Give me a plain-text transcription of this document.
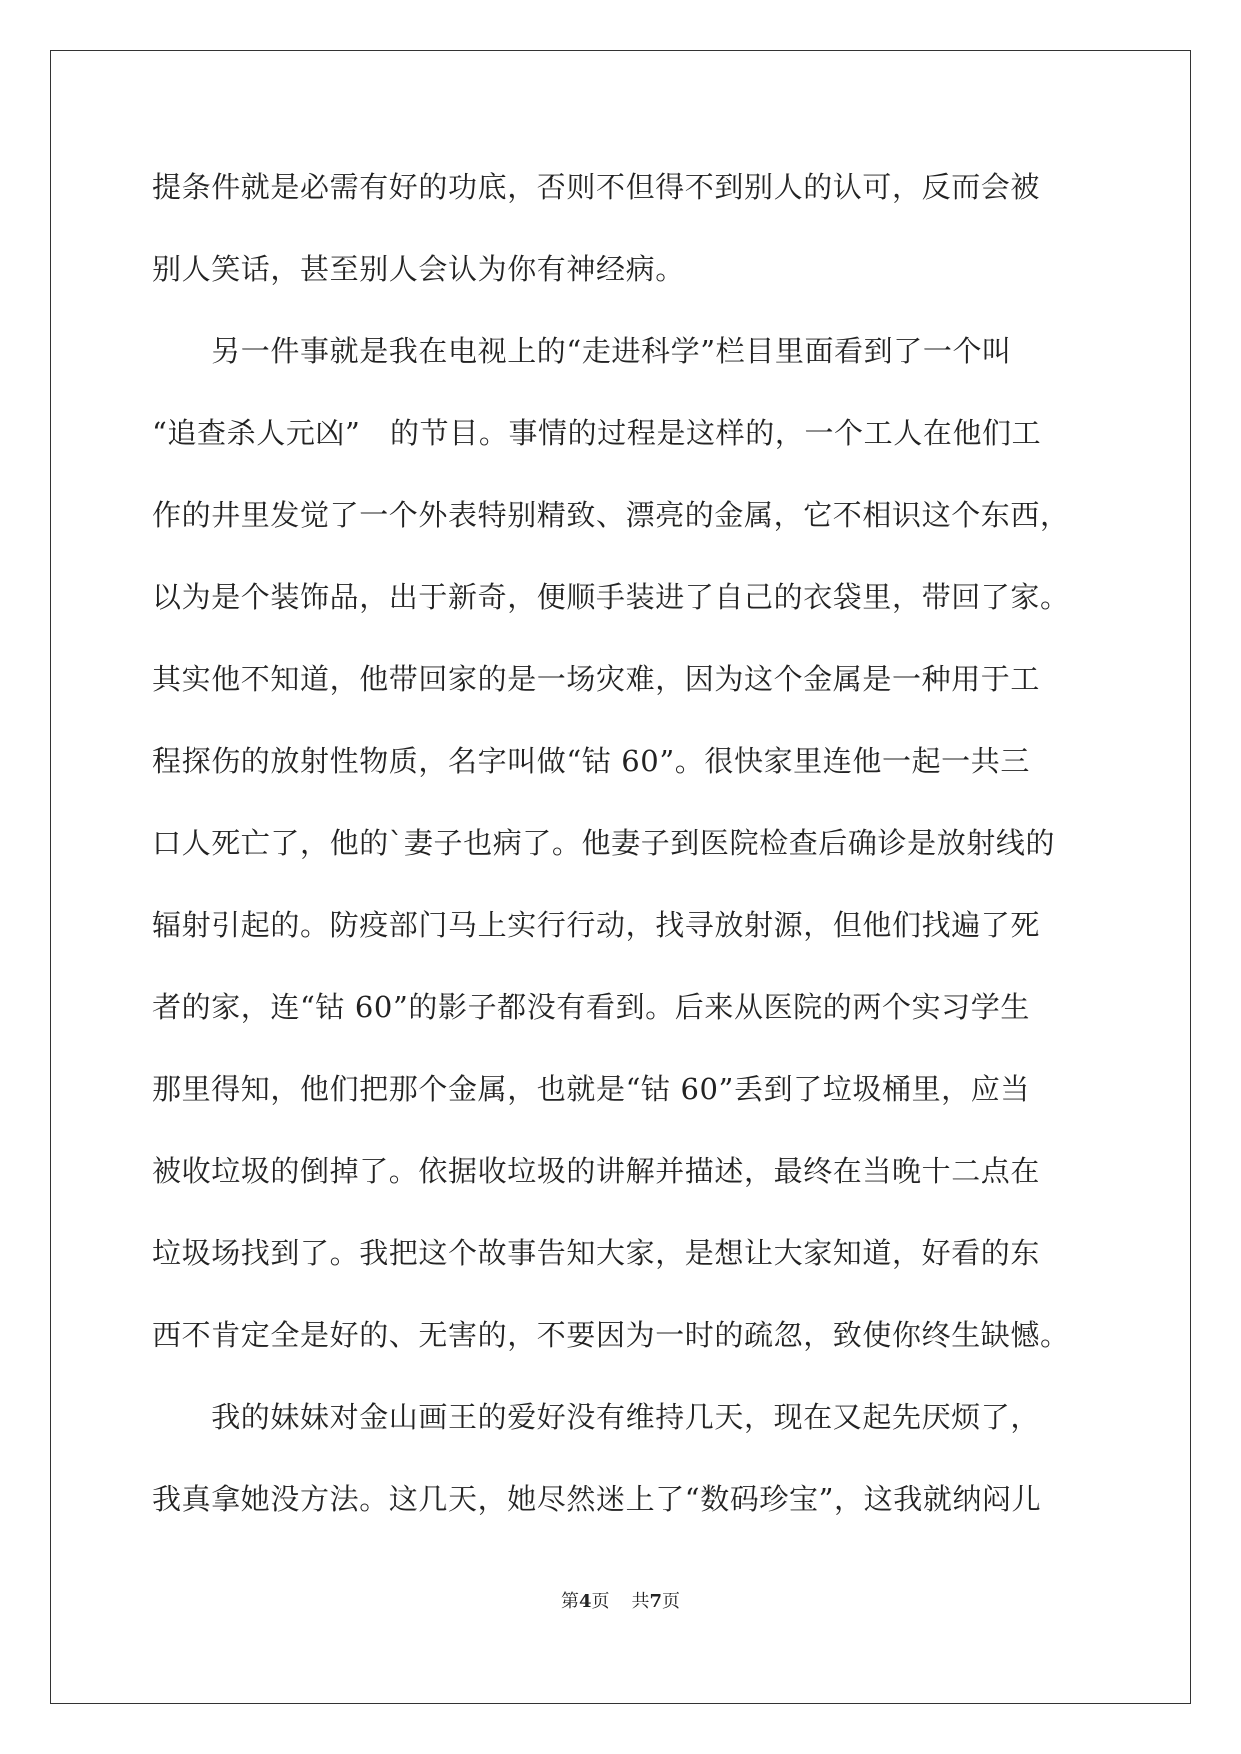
提条件就是必需有好的功底，否则不但得不到别人的认可，反而会被
别人笑话，甚至别人会认为你有神经病。
　　另一件事就是我在电视上的“走进科学”栏目里面看到了一个叫
“追查杀人元凶”　的节目。事情的过程是这样的，一个工人在他们工
作的井里发觉了一个外表特别精致、漂亮的金属，它不相识这个东西，
以为是个装饰品，出于新奇，便顺手装进了自己的衣袋里，带回了家。
其实他不知道，他带回家的是一场灾难，因为这个金属是一种用于工
程探伤的放射性物质，名字叫做“钴 60”。很快家里连他一起一共三
口人死亡了，他的`妻子也病了。他妻子到医院检查后确诊是放射线的
辐射引起的。防疫部门马上实行行动，找寻放射源，但他们找遍了死
者的家，连“钴 60”的影子都没有看到。后来从医院的两个实习学生
那里得知，他们把那个金属，也就是“钴 60”丢到了垃圾桶里，应当
被收垃圾的倒掉了。依据收垃圾的讲解并描述，最终在当晚十二点在
垃圾场找到了。我把这个故事告知大家，是想让大家知道，好看的东
西不肯定全是好的、无害的，不要因为一时的疏忽，致使你终生缺憾。
　　我的妹妹对金山画王的爱好没有维持几天，现在又起先厌烦了，
我真拿她没方法。这几天，她尽然迷上了“数码珍宝”，这我就纳闷儿
第4页 共7页
